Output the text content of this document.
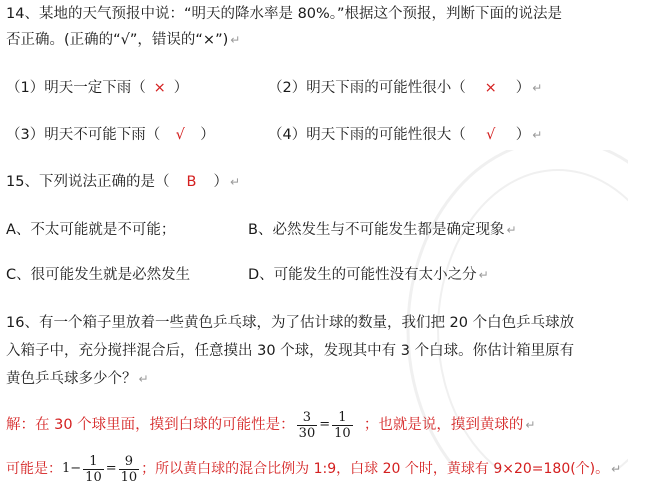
14、某地的天气预报中说：“明天的降水率是 80%。”根据这个预报，判断下面的说法是
否正确。(正确的“√”，错误的“×”) ↵
（1）明天一定下雨（ × ）	（2）明天下雨的可能性很小（ × ） ↵
（3）明天不可能下雨（ √ ）	（4）明天下雨的可能性很大（ √ ） ↵
15、下列说法正确的是（ B ） ↵
A、不太可能就是不可能；	B、必然发生与不可能发生都是确定现象 ↵
C、很可能发生就是必然发生	D、可能发生的可能性没有太小之分 ↵
16、有一个箱子里放着一些黄色乒乓球，为了估计球的数量，我们把 20 个白色乒乓球放
入箱子中，充分搅拌混合后，任意摸出 30 个球，发现其中有 3 个白球。你估计箱里原有
黄色乒乓球多少个？ ↵
解：在 30 个球里面，摸到白球的可能性是： $\frac{3}{30} = \frac{1}{10}$ ；也就是说，摸到黄球的 ↵
可能是：$1- \frac{1}{10} = \frac{9}{10}$ ；所以黄白球的混合比例为 1:9，白球 20 个时，黄球有 9×20=180(个)。 ↵
